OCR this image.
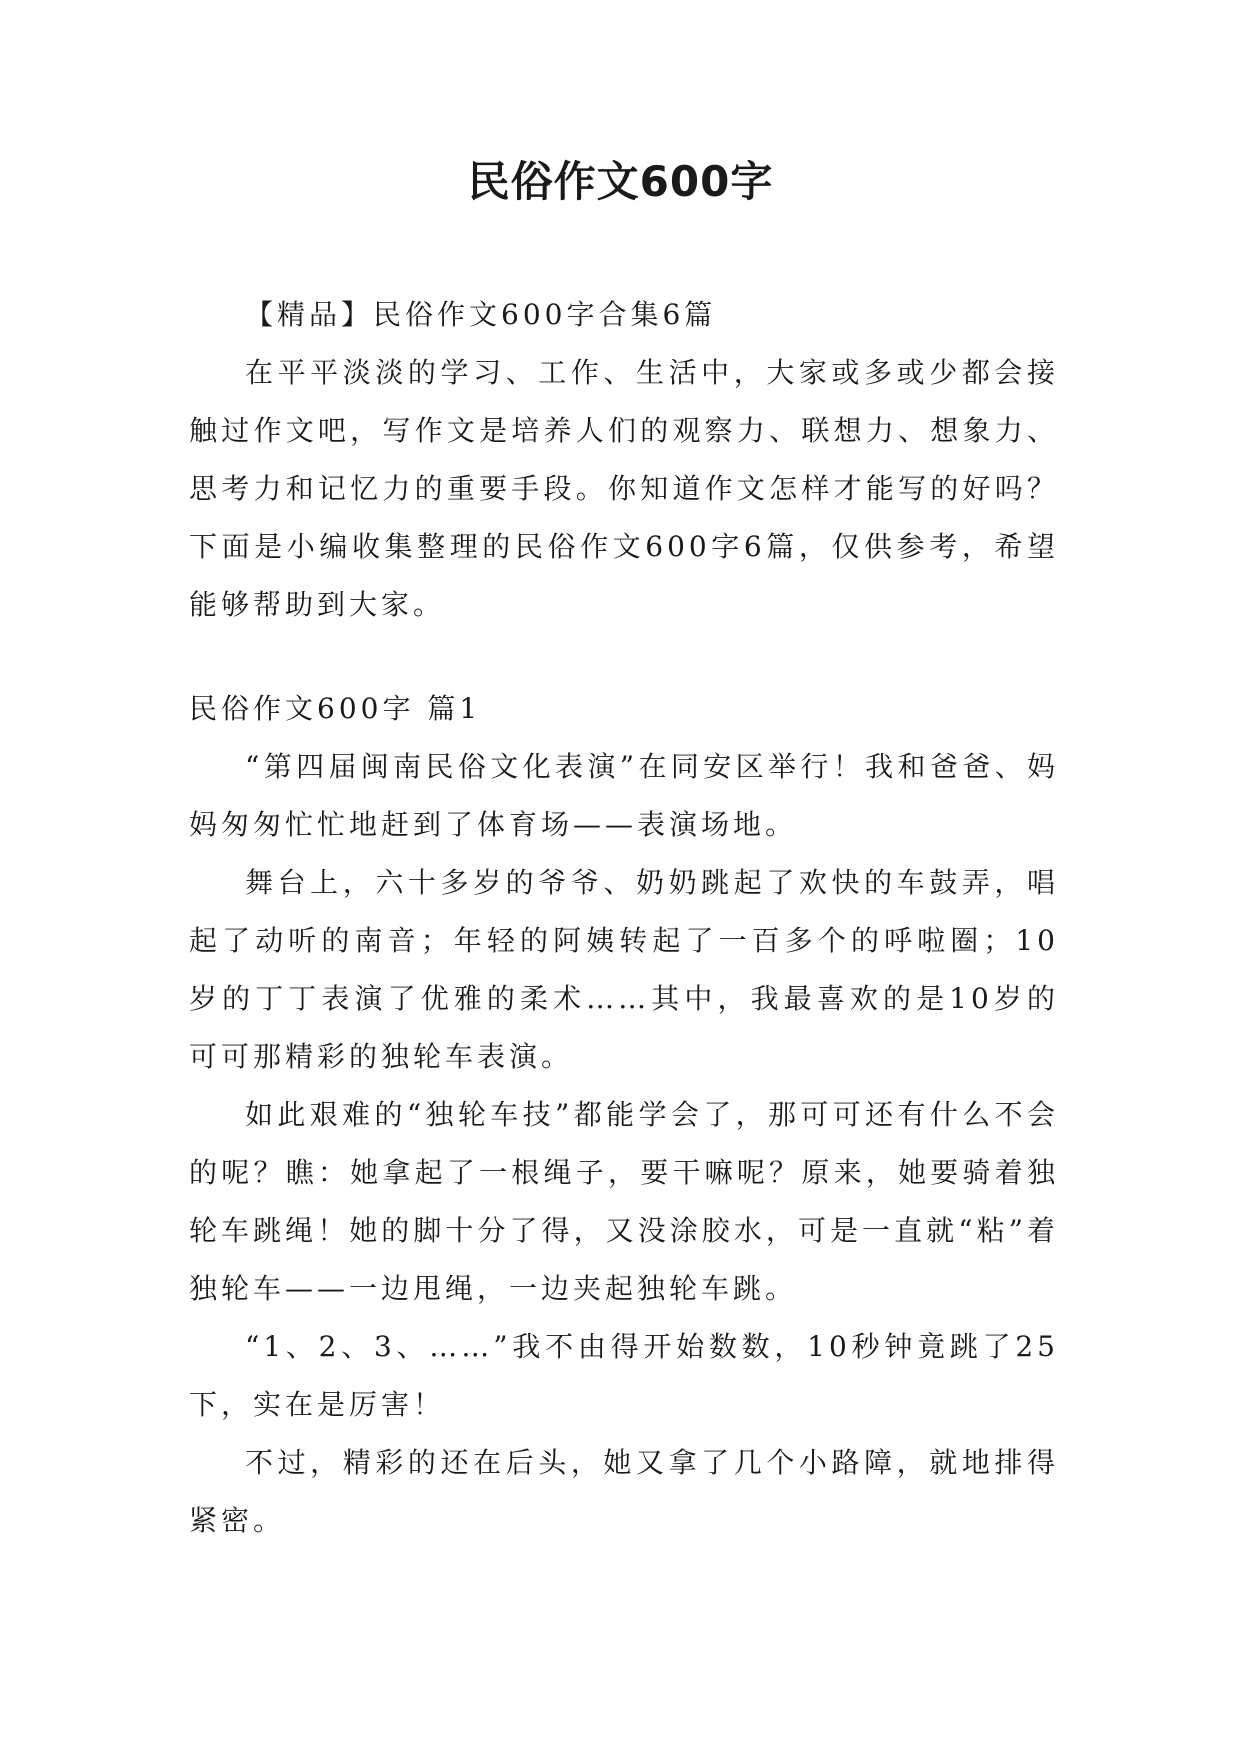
民俗作文600字

【精品】民俗作文600字合集6篇

在平平淡淡的学习、工作、生活中，大家或多或少都会接触过作文吧，写作文是培养人们的观察力、联想力、想象力、思考力和记忆力的重要手段。你知道作文怎样才能写的好吗？下面是小编收集整理的民俗作文600字6篇，仅供参考，希望能够帮助到大家。

民俗作文600字 篇1

“第四届闽南民俗文化表演”在同安区举行！我和爸爸、妈妈匆匆忙忙地赶到了体育场——表演场地。

舞台上，六十多岁的爷爷、奶奶跳起了欢快的车鼓弄，唱起了动听的南音；年轻的阿姨转起了一百多个的呼啦圈；10岁的丁丁表演了优雅的柔术……其中，我最喜欢的是10岁的可可那精彩的独轮车表演。

如此艰难的“独轮车技”都能学会了，那可可还有什么不会的呢？瞧：她拿起了一根绳子，要干嘛呢？原来，她要骑着独轮车跳绳！她的脚十分了得，又没涂胶水，可是一直就“粘”着独轮车——一边甩绳，一边夹起独轮车跳。

“1、2、3、……”我不由得开始数数，10秒钟竟跳了25下，实在是厉害！

不过，精彩的还在后头，她又拿了几个小路障，就地排得紧密。
